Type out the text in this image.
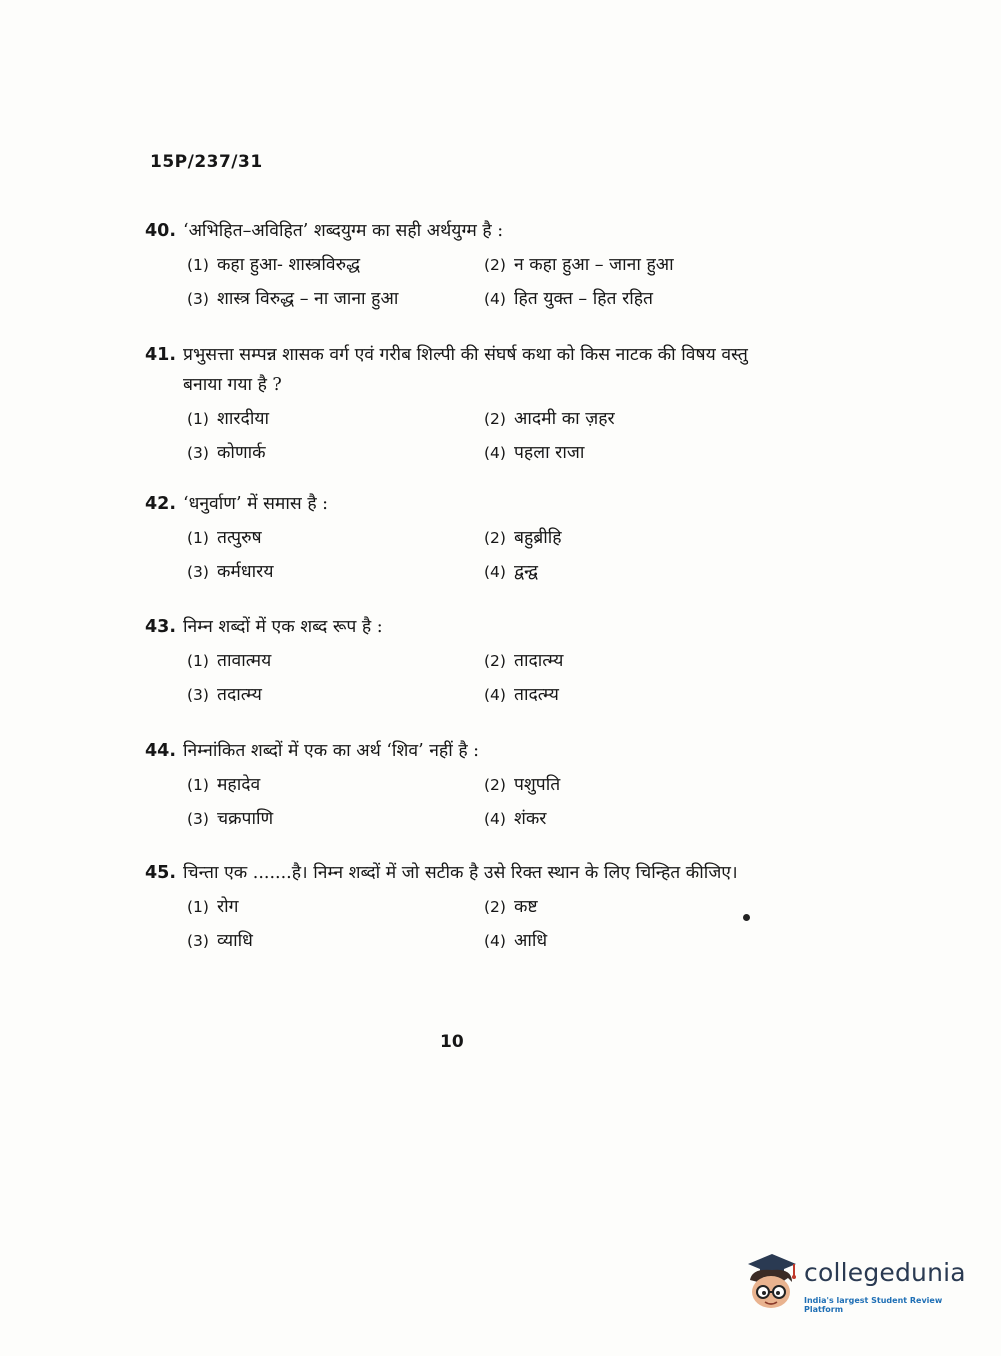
15P/237/31
40. ‘अभिहित–अविहित’ शब्दयुग्म का सही अर्थयुग्म है :
(1) कहा हुआ- शास्त्रविरुद्ध	(2) न कहा हुआ – जाना हुआ
(3) शास्त्र विरुद्ध – ना जाना हुआ	(4) हित युक्त – हित रहित
41. प्रभुसत्ता सम्पन्न शासक वर्ग एवं गरीब शिल्पी की संघर्ष कथा को किस नाटक की विषय वस्तु बनाया गया है ?
(1) शारदीया	(2) आदमी का ज़हर
(3) कोणार्क	(4) पहला राजा
42. ‘धनुर्वाण’ में समास है :
(1) तत्पुरुष	(2) बहुब्रीहि
(3) कर्मधारय	(4) द्वन्द्व
43. निम्न शब्दों में एक शब्द रूप है :
(1) तावात्मय	(2) तादात्म्य
(3) तदात्म्य	(4) तादत्म्य
44. निम्नांकित शब्दों में एक का अर्थ ‘शिव’ नहीं है :
(1) महादेव	(2) पशुपति
(3) चक्रपाणि	(4) शंकर
45. चिन्ता एक .......है। निम्न शब्दों में जो सटीक है उसे रिक्त स्थान के लिए चिन्हित कीजिए।
(1) रोग	(2) कष्ट
(3) व्याधि	(4) आधि
10
collegedunia
India's largest Student Review Platform
